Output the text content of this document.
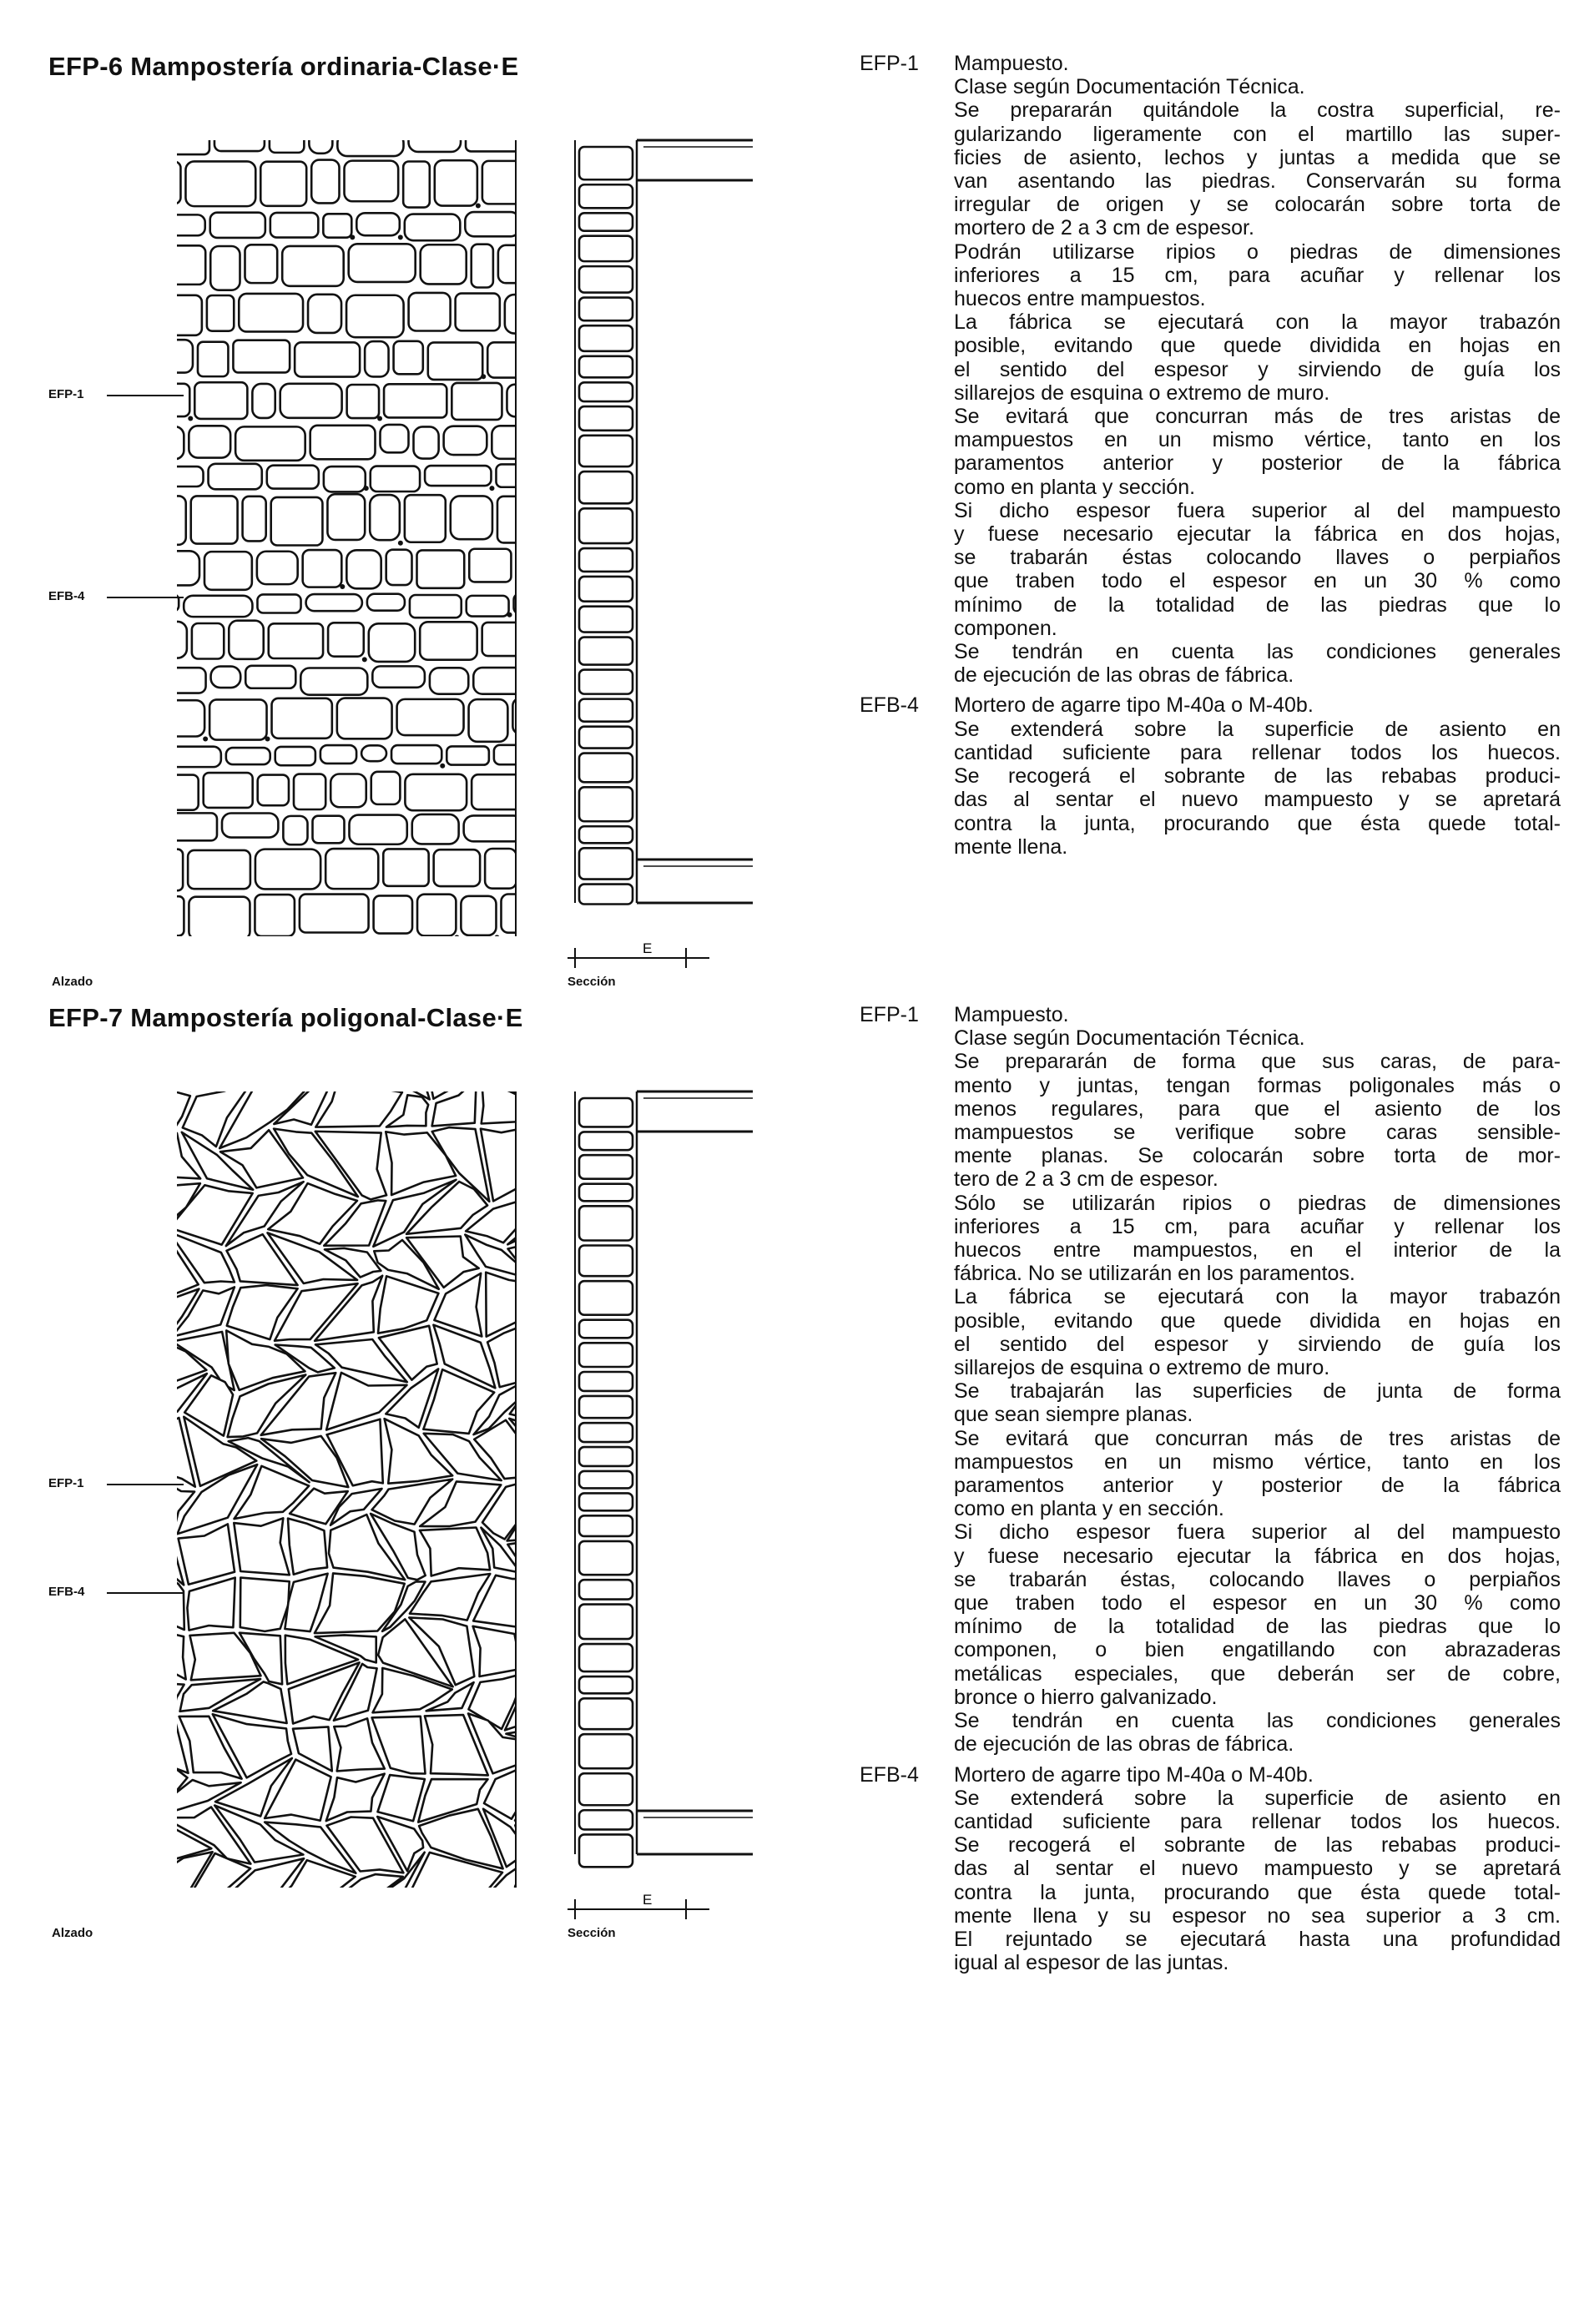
EFP-6 Mampostería ordinaria-Clase·E
E
EFP-1
EFB-4
Alzado	Sección
EFP-1	Mampuesto.
Clase según Documentación Técnica.
Se prepararán quitándole la costra superficial, re-
gularizando ligeramente con el martillo las super-
ficies de asiento, lechos y juntas a medida que se
van asentando las piedras. Conservarán su forma
irregular de origen y se colocarán sobre torta de
mortero de 2 a 3 cm de espesor.
Podrán utilizarse ripios o piedras de dimensiones
inferiores a 15 cm, para acuñar y rellenar los
huecos entre mampuestos.
La fábrica se ejecutará con la mayor trabazón
posible, evitando que quede dividida en hojas en
el sentido del espesor y sirviendo de guía los
sillarejos de esquina o extremo de muro.
Se evitará que concurran más de tres aristas de
mampuestos en un mismo vértice, tanto en los
paramentos anterior y posterior de la fábrica
como en planta y sección.
Si dicho espesor fuera superior al del mampuesto
y fuese necesario ejecutar la fábrica en dos hojas,
se trabarán éstas colocando llaves o perpiaños
que traben todo el espesor en un 30 % como
mínimo de la totalidad de las piedras que lo
componen.
Se tendrán en cuenta las condiciones generales
de ejecución de las obras de fábrica.
EFB-4	Mortero de agarre tipo M-40a o M-40b.
Se extenderá sobre la superficie de asiento en
cantidad suficiente para rellenar todos los huecos.
Se recogerá el sobrante de las rebabas produci-
das al sentar el nuevo mampuesto y se apretará
contra la junta, procurando que ésta quede total-
mente llena.
EFP-7 Mampostería poligonal-Clase·E
E
EFP-1
EFB-4
Alzado	Sección
EFP-1	Mampuesto.
Clase según Documentación Técnica.
Se prepararán de forma que sus caras, de para-
mento y juntas, tengan formas poligonales más o
menos regulares, para que el asiento de los
mampuestos se verifique sobre caras sensible-
mente planas. Se colocarán sobre torta de mor-
tero de 2 a 3 cm de espesor.
Sólo se utilizarán ripios o piedras de dimensiones
inferiores a 15 cm, para acuñar y rellenar los
huecos entre mampuestos, en el interior de la
fábrica. No se utilizarán en los paramentos.
La fábrica se ejecutará con la mayor trabazón
posible, evitando que quede dividida en hojas en
el sentido del espesor y sirviendo de guía los
sillarejos de esquina o extremo de muro.
Se trabajarán las superficies de junta de forma
que sean siempre planas.
Se evitará que concurran más de tres aristas de
mampuestos en un mismo vértice, tanto en los
paramentos anterior y posterior de la fábrica
como en planta y en sección.
Si dicho espesor fuera superior al del mampuesto
y fuese necesario ejecutar la fábrica en dos hojas,
se trabarán éstas, colocando llaves o perpiaños
que traben todo el espesor en un 30 % como
mínimo de la totalidad de las piedras que lo
componen, o bien engatillando con abrazaderas
metálicas especiales, que deberán ser de cobre,
bronce o hierro galvanizado.
Se tendrán en cuenta las condiciones generales
de ejecución de las obras de fábrica.
EFB-4	Mortero de agarre tipo M-40a o M-40b.
Se extenderá sobre la superficie de asiento en
cantidad suficiente para rellenar todos los huecos.
Se recogerá el sobrante de las rebabas produci-
das al sentar el nuevo mampuesto y se apretará
contra la junta, procurando que ésta quede total-
mente llena y su espesor no sea superior a 3 cm.
El rejuntado se ejecutará hasta una profundidad
igual al espesor de las juntas.
